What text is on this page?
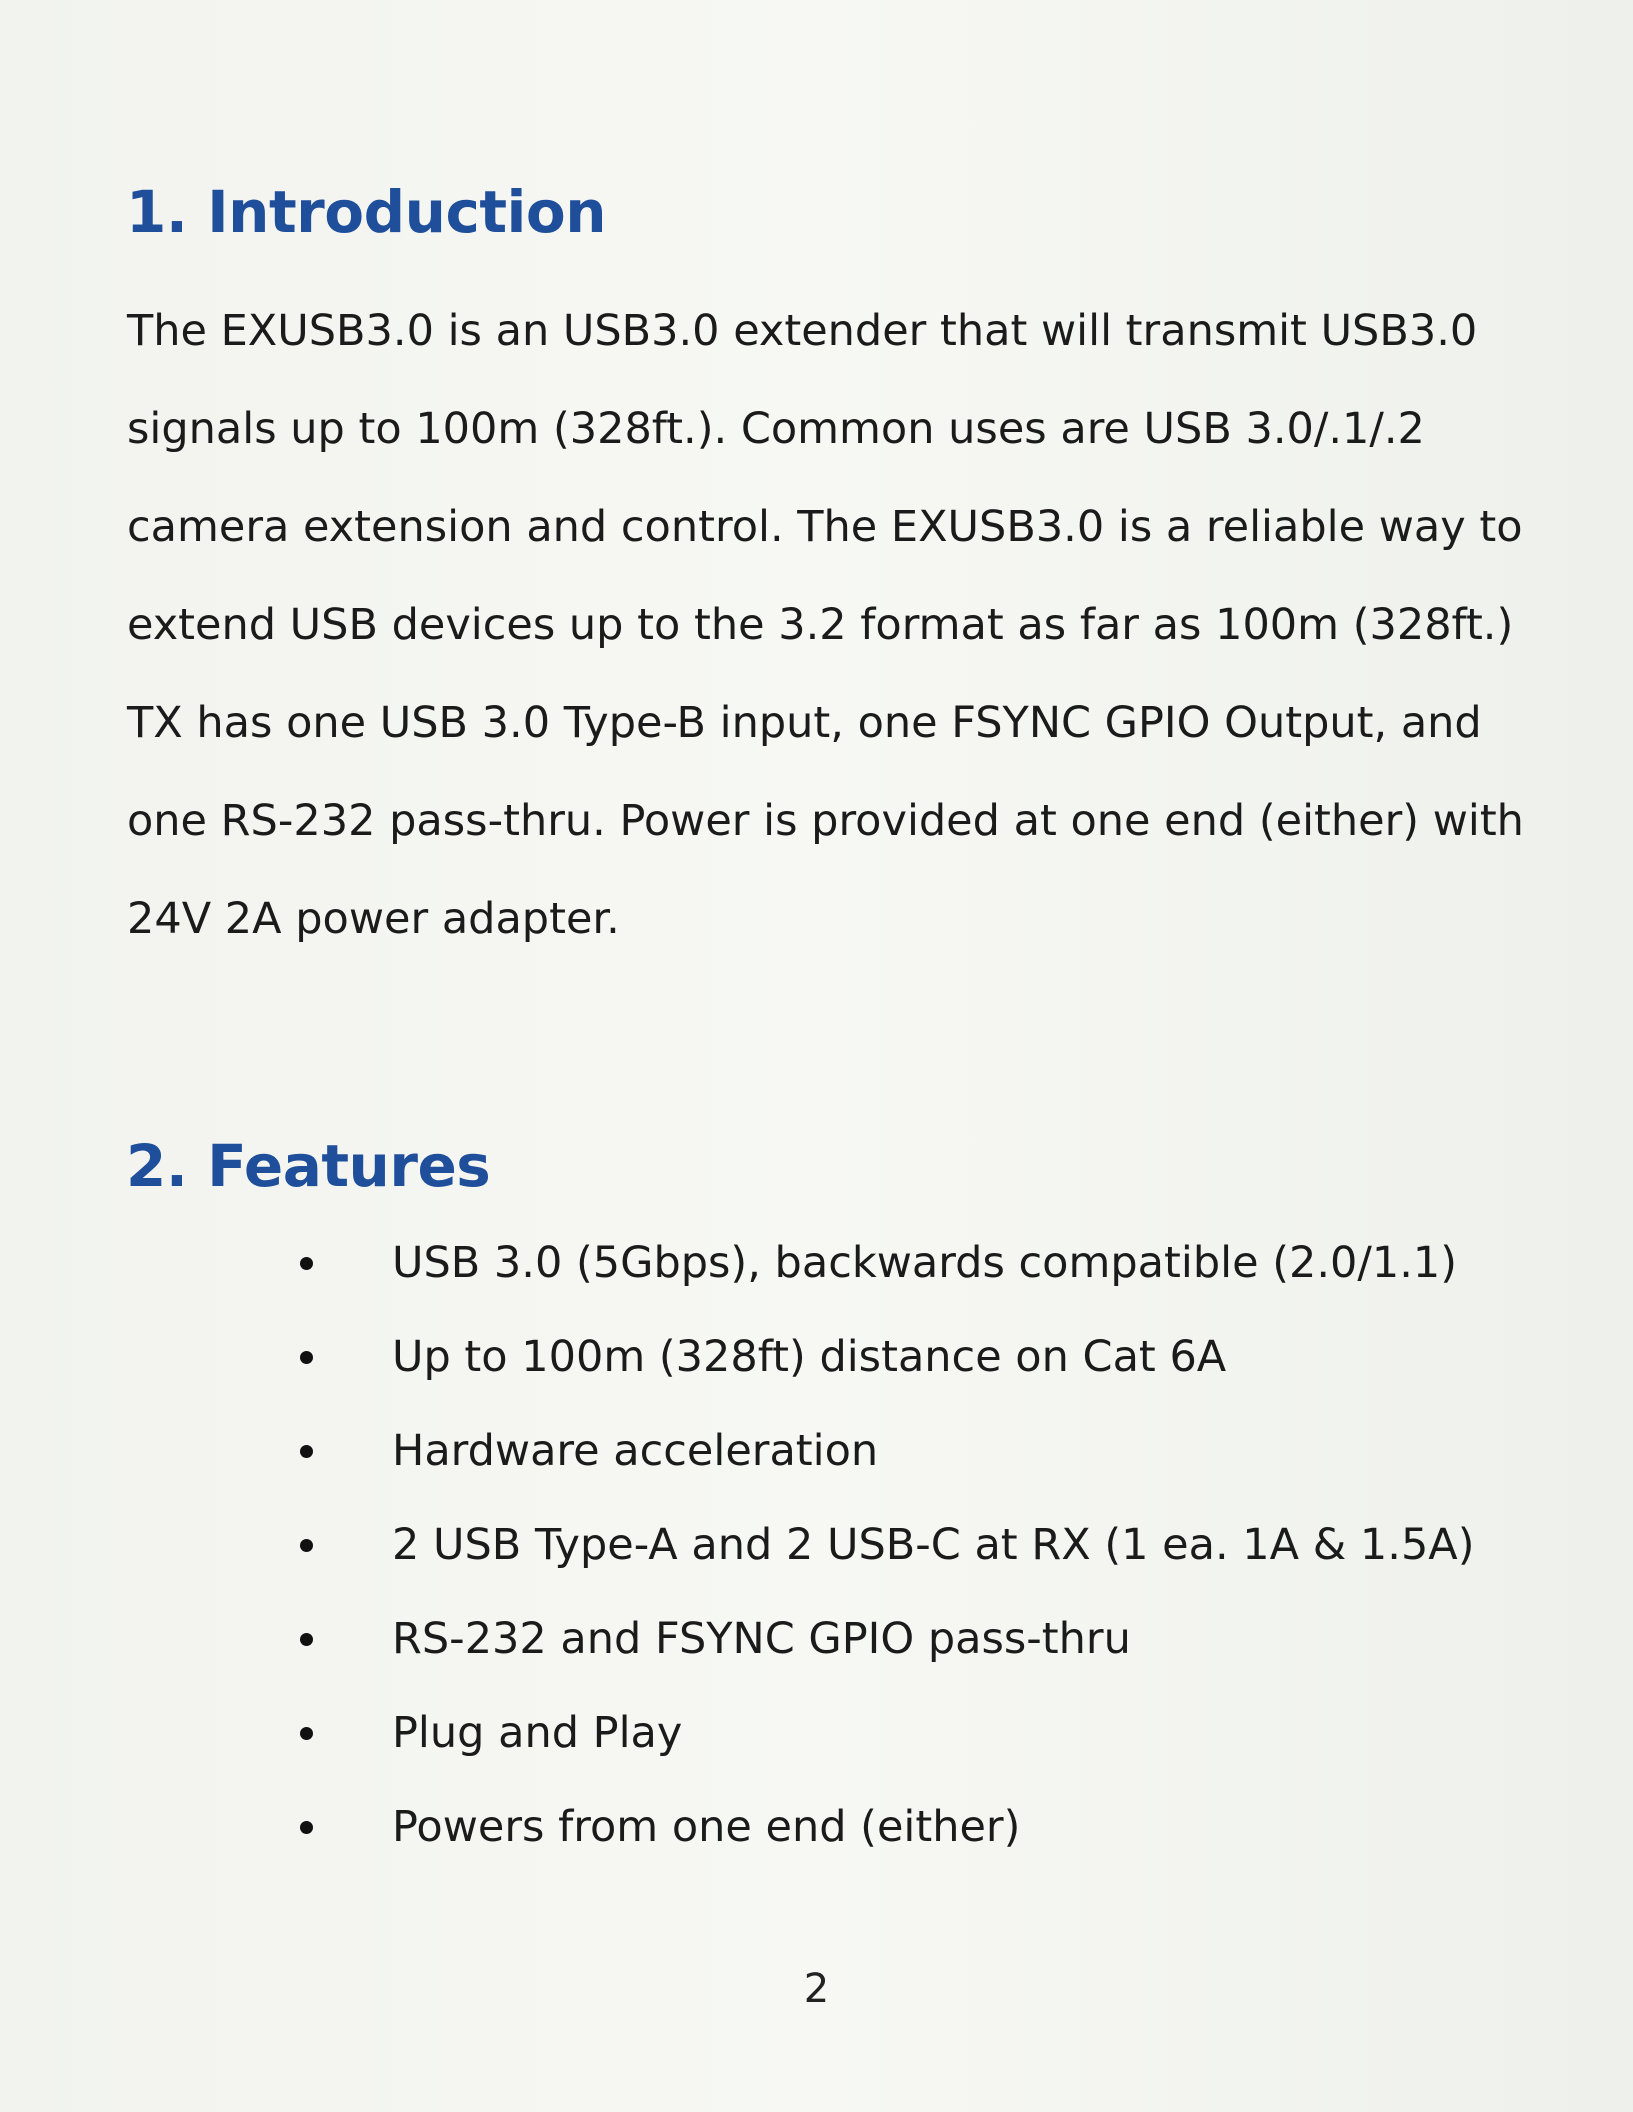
1. Introduction

The EXUSB3.0 is an USB3.0 extender that will transmit USB3.0
signals up to 100m (328ft.). Common uses are USB 3.0/.1/.2
camera extension and control. The EXUSB3.0 is a reliable way to
extend USB devices up to the 3.2 format as far as 100m (328ft.)
TX has one USB 3.0 Type-B input, one FSYNC GPIO Output, and
one RS-232 pass-thru. Power is provided at one end (either) with
24V 2A power adapter.

2. Features
USB 3.0 (5Gbps), backwards compatible (2.0/1.1)
Up to 100m (328ft) distance on Cat 6A
Hardware acceleration
2 USB Type-A and 2 USB-C at RX (1 ea. 1A & 1.5A)
RS-232 and FSYNC GPIO pass-thru
Plug and Play
Powers from one end (either)
2
